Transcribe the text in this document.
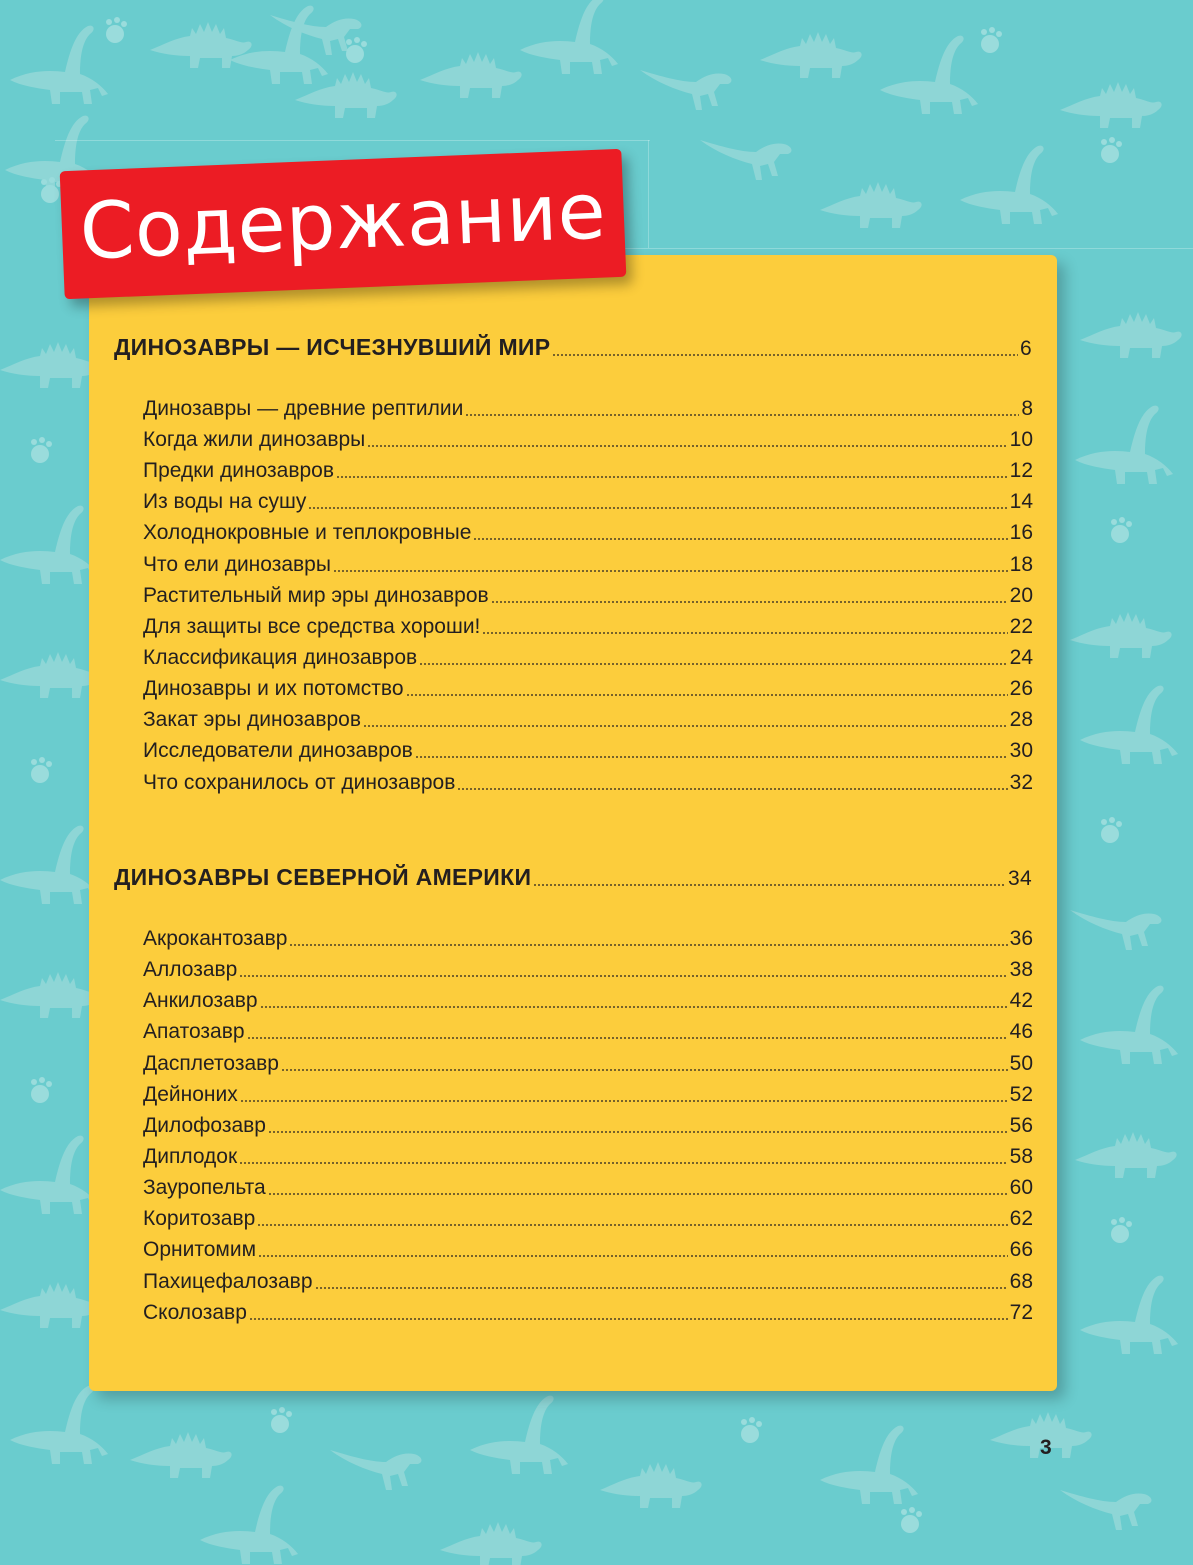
Содержание
ДИНОЗАВРЫ — ИСЧЕЗНУВШИЙ МИР	6
Динозавры — древние рептилии	8
Когда жили динозавры	10
Предки динозавров	12
Из воды на сушу	14
Холоднокровные и теплокровные	16
Что ели динозавры	18
Растительный мир эры динозавров	20
Для защиты все средства хороши!	22
Классификация динозавров	24
Динозавры и их потомство	26
Закат эры динозавров	28
Исследователи динозавров	30
Что сохранилось от динозавров	32
ДИНОЗАВРЫ СЕВЕРНОЙ АМЕРИКИ	34
Акрокантозавр	36
Аллозавр	38
Анкилозавр	42
Апатозавр	46
Дасплетозавр	50
Дейноних	52
Дилофозавр	56
Диплодок	58
Зауропельта	60
Коритозавр	62
Орнитомим	66
Пахицефалозавр	68
Сколозавр	72
3
